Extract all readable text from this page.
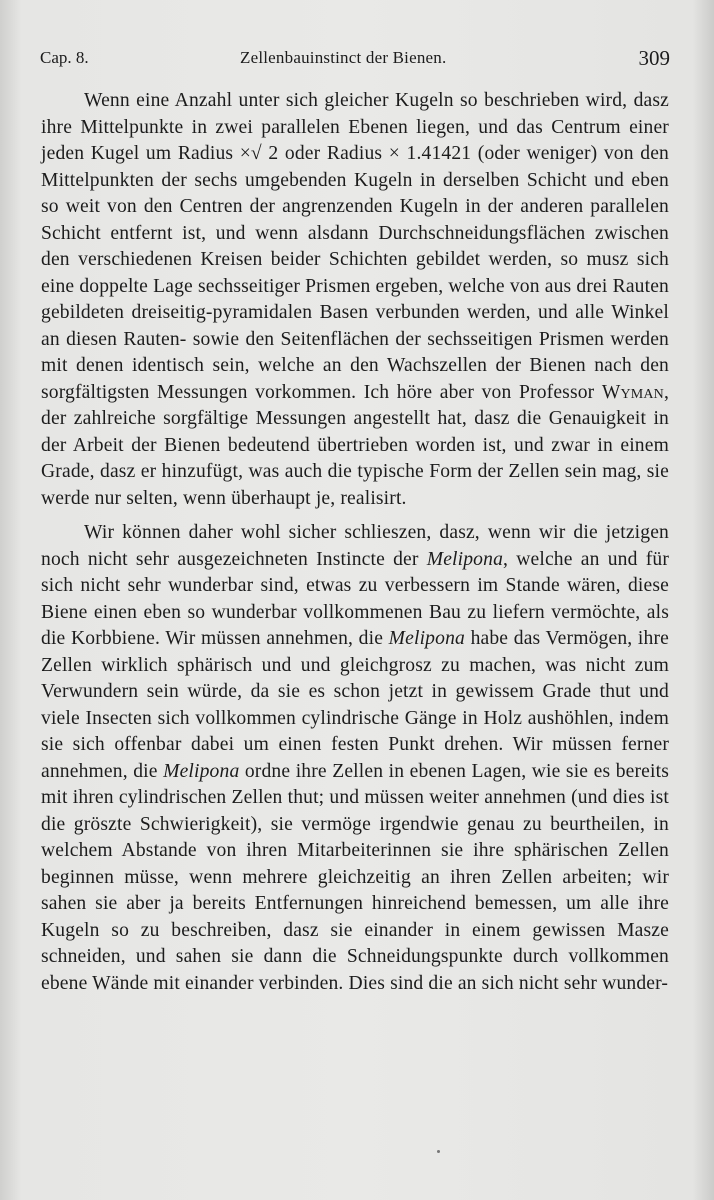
Cap. 8.	Zellenbauinstinct der Bienen.	309

Wenn eine Anzahl unter sich gleicher Kugeln so beschrieben wird, dasz ihre Mittelpunkte in zwei parallelen Ebenen liegen, und das Centrum einer jeden Kugel um Radius ×√ 2 oder Radius × 1.41421 (oder weniger) von den Mittelpunkten der sechs umgebenden Kugeln in derselben Schicht und eben so weit von den Centren der angrenzenden Kugeln in der anderen parallelen Schicht entfernt ist, und wenn alsdann Durchschneidungsflächen zwischen den verschiedenen Kreisen beider Schichten gebildet werden, so musz sich eine doppelte Lage sechsseitiger Prismen ergeben, welche von aus drei Rauten gebildeten dreiseitig-pyramidalen Basen verbunden werden, und alle Winkel an diesen Rauten- sowie den Seitenflächen der sechsseitigen Prismen werden mit denen identisch sein, welche an den Wachszellen der Bienen nach den sorgfältigsten Messungen vorkommen. Ich höre aber von Professor Wyman, der zahlreiche sorgfältige Messungen angestellt hat, dasz die Genauigkeit in der Arbeit der Bienen bedeutend übertrieben worden ist, und zwar in einem Grade, dasz er hinzufügt, was auch die typische Form der Zellen sein mag, sie werde nur selten, wenn überhaupt je, realisirt.

Wir können daher wohl sicher schlieszen, dasz, wenn wir die jetzigen noch nicht sehr ausgezeichneten Instincte der Melipona, welche an und für sich nicht sehr wunderbar sind, etwas zu verbessern im Stande wären, diese Biene einen eben so wunderbar vollkommenen Bau zu liefern vermöchte, als die Korbbiene. Wir müssen annehmen, die Melipona habe das Vermögen, ihre Zellen wirklich sphärisch und und gleichgrosz zu machen, was nicht zum Verwundern sein würde, da sie es schon jetzt in gewissem Grade thut und viele Insecten sich vollkommen cylindrische Gänge in Holz aushöhlen, indem sie sich offenbar dabei um einen festen Punkt drehen. Wir müssen ferner annehmen, die Melipona ordne ihre Zellen in ebenen Lagen, wie sie es bereits mit ihren cylindrischen Zellen thut; und müssen weiter annehmen (und dies ist die gröszte Schwierigkeit), sie vermöge irgendwie genau zu beurtheilen, in welchem Abstande von ihren Mitarbeiterinnen sie ihre sphärischen Zellen beginnen müsse, wenn mehrere gleichzeitig an ihren Zellen arbeiten; wir sahen sie aber ja bereits Entfernungen hinreichend bemessen, um alle ihre Kugeln so zu beschreiben, dasz sie einander in einem gewissen Masze schneiden, und sahen sie dann die Schneidungspunkte durch vollkommen ebene Wände mit einander verbinden. Dies sind die an sich nicht sehr wunder-
